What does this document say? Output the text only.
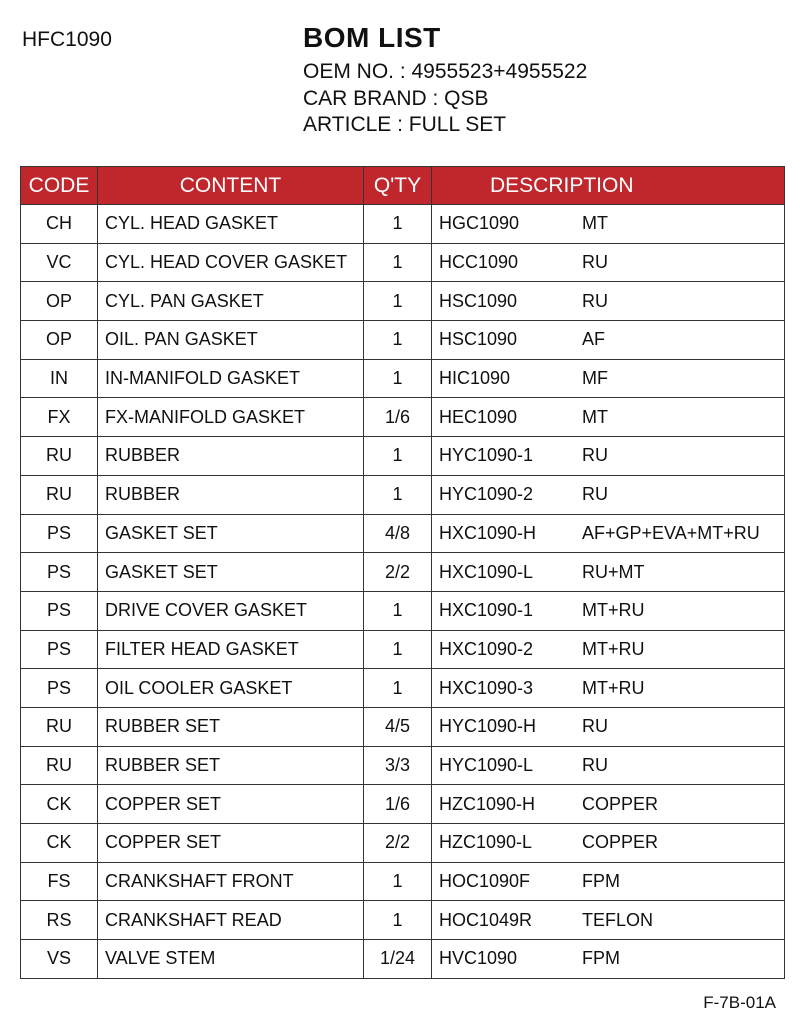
HFC1090	BOM LIST
OEM NO. : 4955523+4955522
CAR BRAND : QSB
ARTICLE : FULL SET
CODE	CONTENT	Q'TY	DESCRIPTION
CH	CYL. HEAD GASKET	1	HGC1090 MT
VC	CYL. HEAD COVER GASKET	1	HCC1090 RU
OP	CYL. PAN GASKET	1	HSC1090 RU
OP	OIL. PAN GASKET	1	HSC1090 AF
IN	IN-MANIFOLD GASKET	1	HIC1090 MF
FX	FX-MANIFOLD GASKET	1/6	HEC1090 MT
RU	RUBBER	1	HYC1090-1 RU
RU	RUBBER	1	HYC1090-2 RU
PS	GASKET SET	4/8	HXC1090-H AF+GP+EVA+MT+RU
PS	GASKET SET	2/2	HXC1090-L RU+MT
PS	DRIVE COVER GASKET	1	HXC1090-1 MT+RU
PS	FILTER HEAD GASKET	1	HXC1090-2 MT+RU
PS	OIL COOLER GASKET	1	HXC1090-3 MT+RU
RU	RUBBER SET	4/5	HYC1090-H RU
RU	RUBBER SET	3/3	HYC1090-L RU
CK	COPPER SET	1/6	HZC1090-H COPPER
CK	COPPER SET	2/2	HZC1090-L COPPER
FS	CRANKSHAFT FRONT	1	HOC1090F FPM
RS	CRANKSHAFT READ	1	HOC1049R TEFLON
VS	VALVE STEM	1/24	HVC1090 FPM
F-7B-01A
